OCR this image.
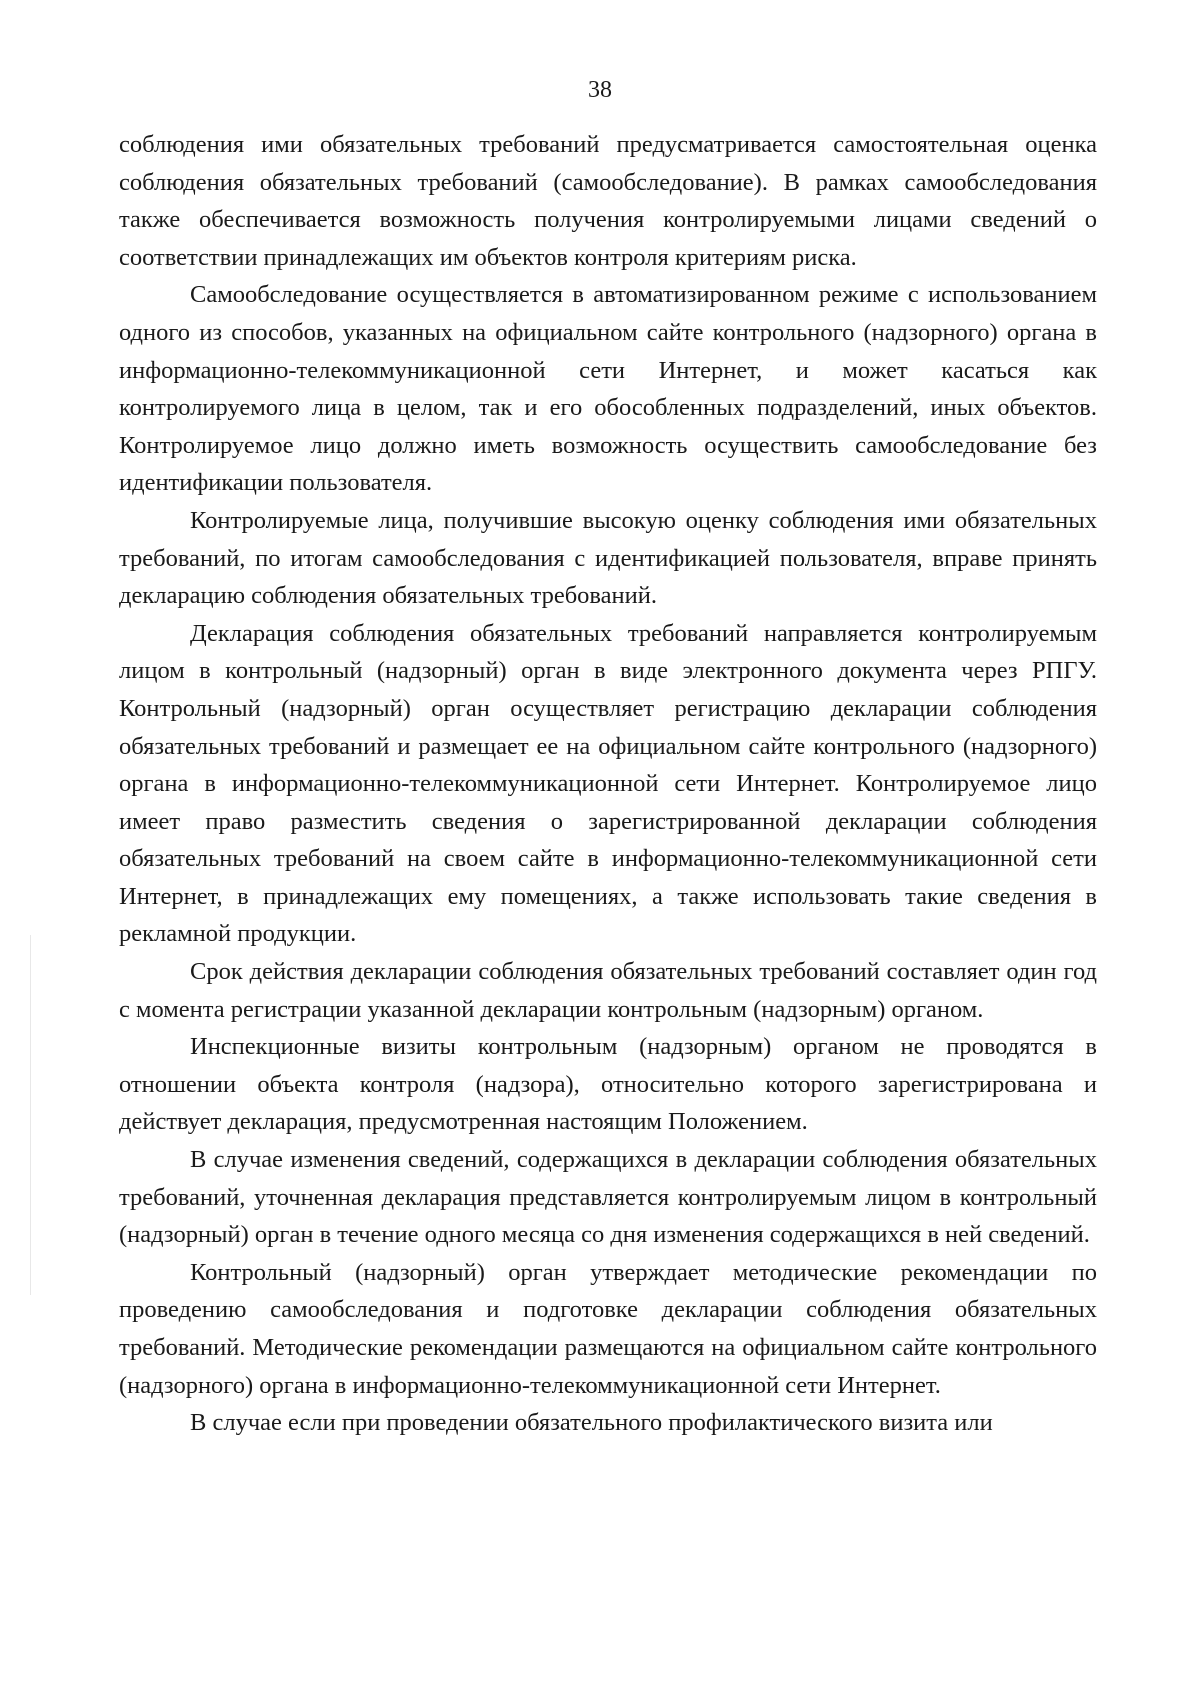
38

соблюдения ими обязательных требований предусматривается самостоятельная оценка соблюдения обязательных требований (самообследование). В рамках самообследования также обеспечивается возможность получения контролируемыми лицами сведений о соответствии принадлежащих им объектов контроля критериям риска.

Самообследование осуществляется в автоматизированном режиме с использованием одного из способов, указанных на официальном сайте контрольного (надзорного) органа в информационно-телекоммуникационной сети Интернет, и может касаться как контролируемого лица в целом, так и его обособленных подразделений, иных объектов. Контролируемое лицо должно иметь возможность осуществить самообследование без идентификации пользователя.

Контролируемые лица, получившие высокую оценку соблюдения ими обязательных требований, по итогам самообследования с идентификацией пользователя, вправе принять декларацию соблюдения обязательных требований.

Декларация соблюдения обязательных требований направляется контролируемым лицом в контрольный (надзорный) орган в виде электронного документа через РПГУ. Контрольный (надзорный) орган осуществляет регистрацию декларации соблюдения обязательных требований и размещает ее на официальном сайте контрольного (надзорного) органа в информационно-телекоммуникационной сети Интернет. Контролируемое лицо имеет право разместить сведения о зарегистрированной декларации соблюдения обязательных требований на своем сайте в информационно-телекоммуникационной сети Интернет, в принадлежащих ему помещениях, а также использовать такие сведения в рекламной продукции.

Срок действия декларации соблюдения обязательных требований составляет один год с момента регистрации указанной декларации контрольным (надзорным) органом.

Инспекционные визиты контрольным (надзорным) органом не проводятся в отношении объекта контроля (надзора), относительно которого зарегистрирована и действует декларация, предусмотренная настоящим Положением.

В случае изменения сведений, содержащихся в декларации соблюдения обязательных требований, уточненная декларация представляется контролируемым лицом в контрольный (надзорный) орган в течение одного месяца со дня изменения содержащихся в ней сведений.

Контрольный (надзорный) орган утверждает методические рекомендации по проведению самообследования и подготовке декларации соблюдения обязательных требований. Методические рекомендации размещаются на официальном сайте контрольного (надзорного) органа в информационно-телекоммуникационной сети Интернет.

В случае если при проведении обязательного профилактического визита или
